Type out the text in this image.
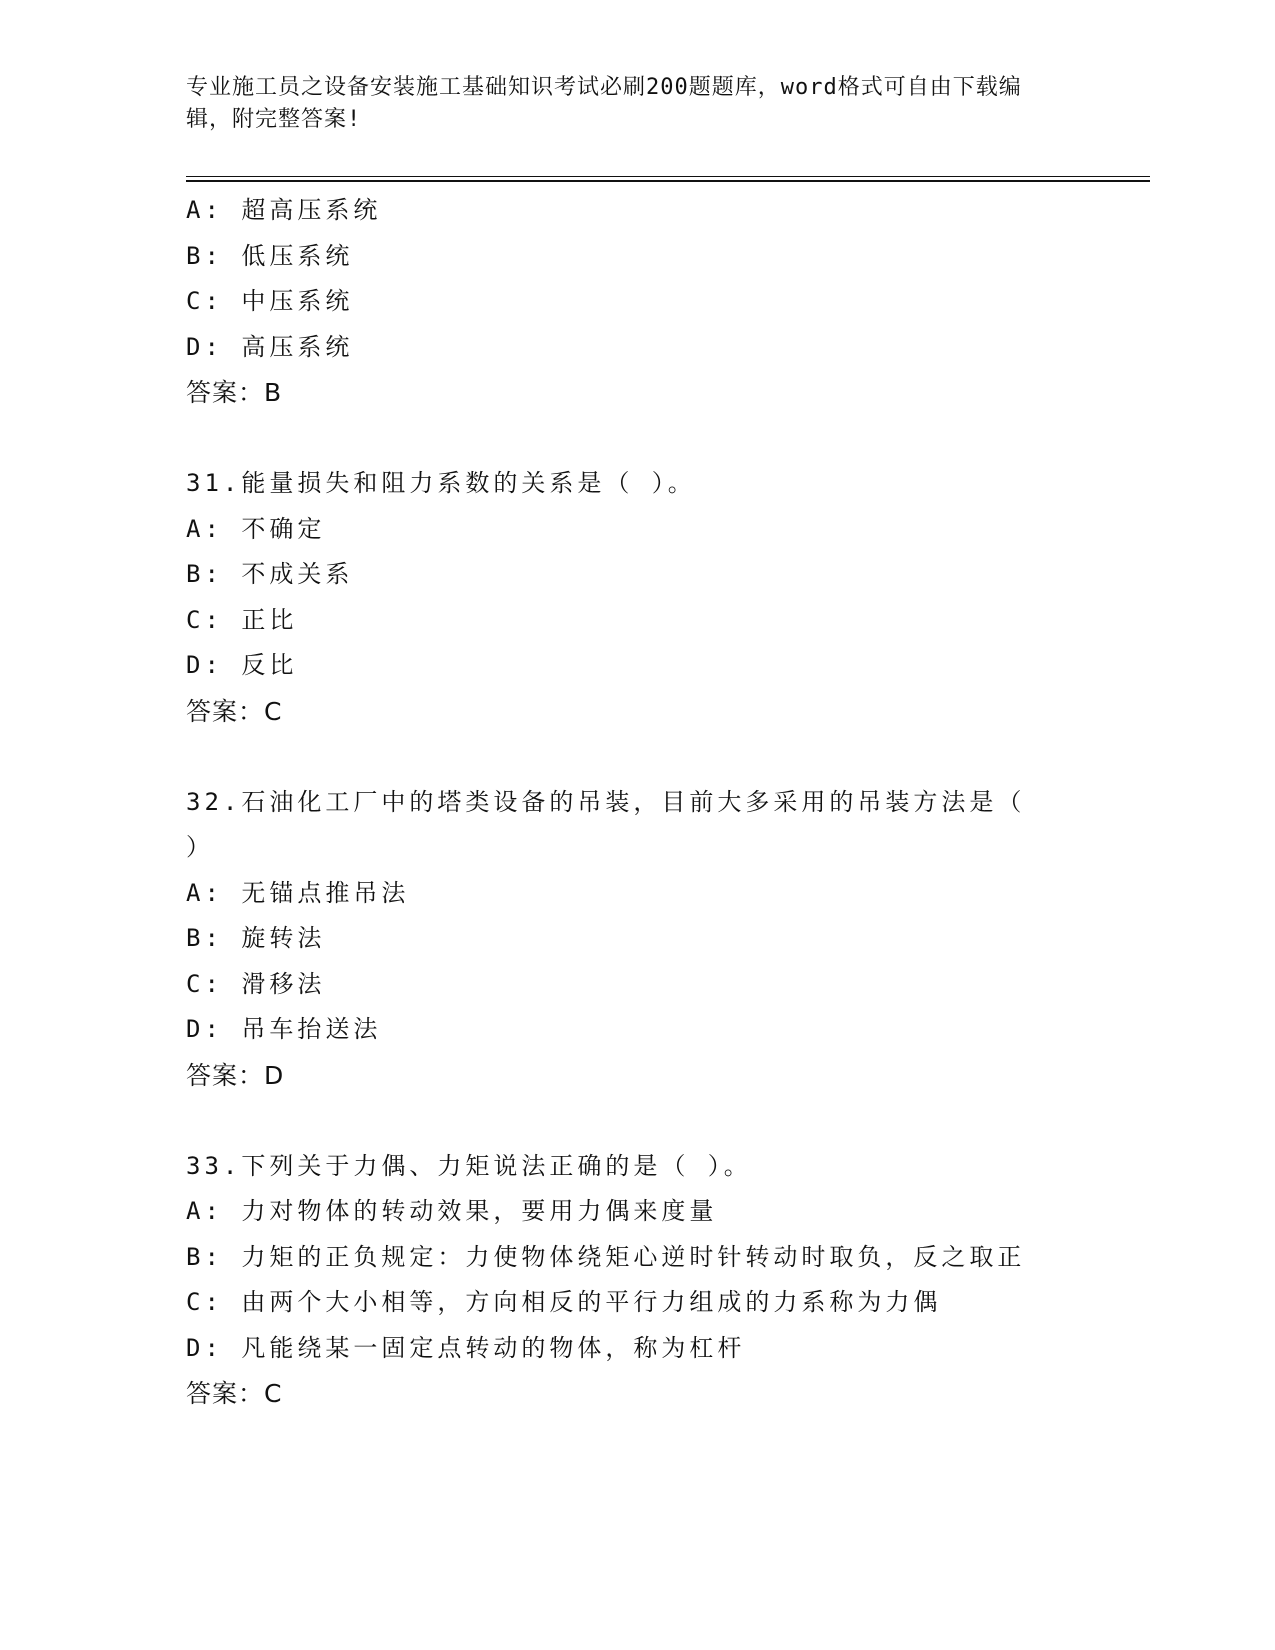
专业施工员之设备安装施工基础知识考试必刷200题题库，word格式可自由下载编辑，附完整答案!
A: 超高压系统
B: 低压系统
C: 中压系统
D: 高压系统
答案：B
31.能量损失和阻力系数的关系是（ ）。
A: 不确定
B: 不成关系
C: 正比
D: 反比
答案：C
32.石油化工厂中的塔类设备的吊装，目前大多采用的吊装方法是（
）
A: 无锚点推吊法
B: 旋转法
C: 滑移法
D: 吊车抬送法
答案：D
33.下列关于力偶、力矩说法正确的是（ ）。
A: 力对物体的转动效果，要用力偶来度量
B: 力矩的正负规定：力使物体绕矩心逆时针转动时取负，反之取正
C: 由两个大小相等，方向相反的平行力组成的力系称为力偶
D: 凡能绕某一固定点转动的物体，称为杠杆
答案：C
